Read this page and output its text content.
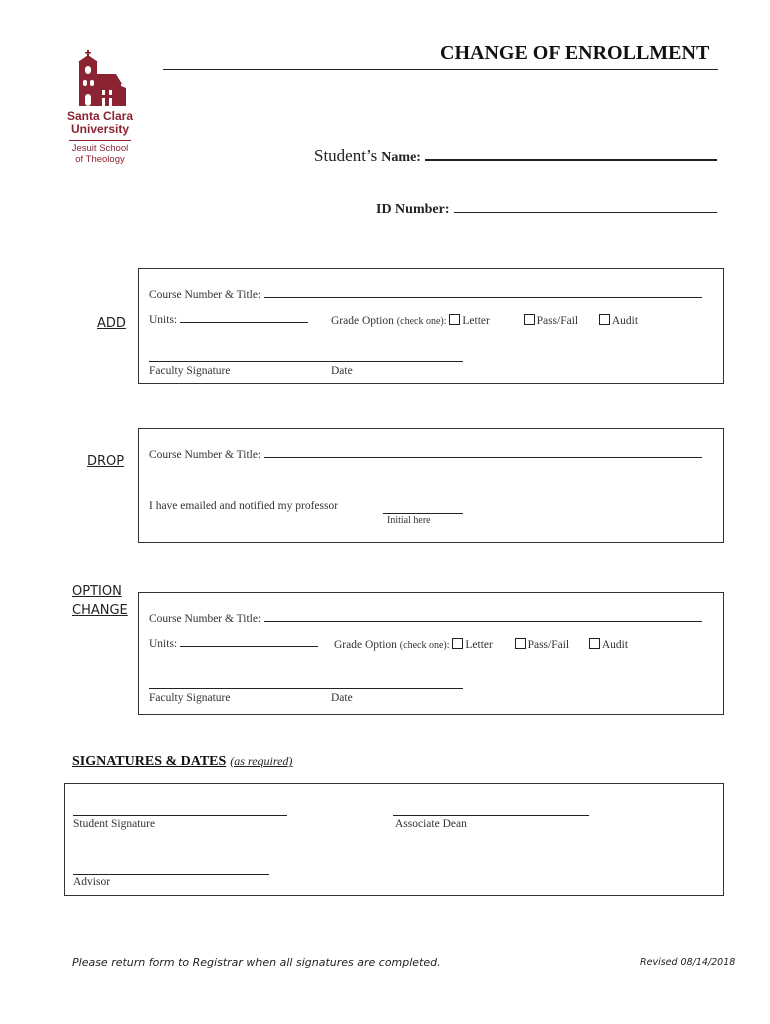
Santa Clara
University
Jesuit School
of Theology
CHANGE OF ENROLLMENT
Student’s Name:
ID Number:
ADD
Course Number & Title:
Units:	Grade Option (check one): Letter	Pass/Fail	Audit
Faculty Signature	Date
DROP Course Number & Title:
I have emailed and notified my professor
Initial here
OPTION
CHANGE
Course Number & Title:
Units:	Grade Option (check one): Letter	Pass/Fail	Audit
Faculty Signature	Date
SIGNATURES & DATES (as required)
Student Signature	Associate Dean
Advisor
Please return form to Registrar when all signatures are completed.	Revised 08/14/2018
